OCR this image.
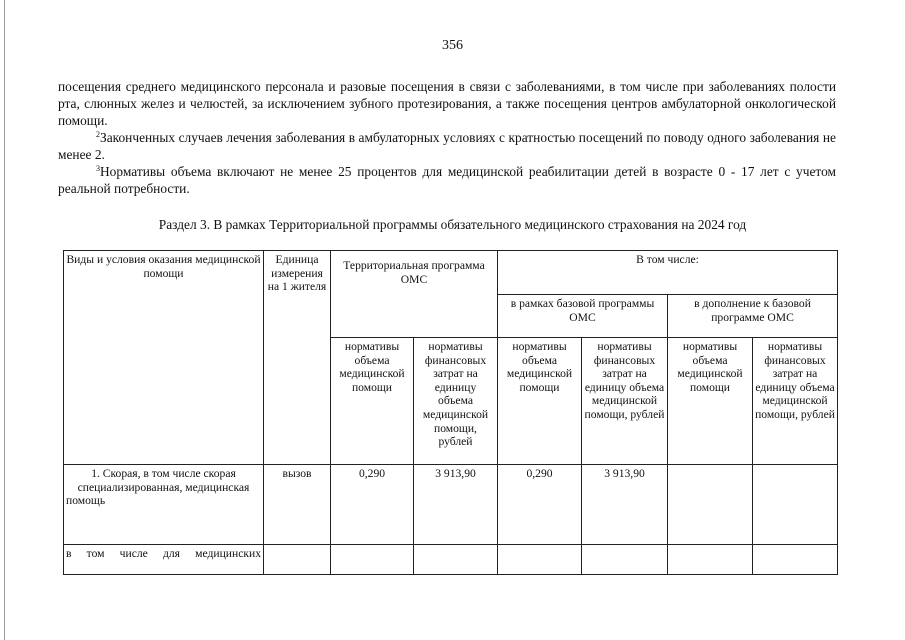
356

посещения среднего медицинского персонала и разовые посещения в связи с заболеваниями, в том числе при заболеваниях полости рта, слюнных желез и челюстей, за исключением зубного протезирования, а также посещения центров амбулаторной онкологической помощи.

$^2$Законченных случаев лечения заболевания в амбулаторных условиях с кратностью посещений по поводу одного заболевания не менее 2.

$^3$Нормативы объема включают не менее 25 процентов для медицинской реабилитации детей в возрасте 0 - 17 лет с учетом реальной потребности.

Раздел 3. В рамках Территориальной программы обязательного медицинского страхования на 2024 год
Виды и условия оказания медицинской помощи	Единица измерения на 1 жителя	Территориальная программа ОМС		В том числе:			
				в рамках базовой программы ОМС		в дополнение к базовой программе ОМС	
		нормативы объема медицинской помощи	нормативы финансовых затрат на единицу объема медицинской помощи, рублей	нормативы объема медицинской помощи	нормативы финансовых затрат на единицу объема медицинской помощи, рублей	нормативы объема медицинской помощи	нормативы финансовых затрат на единицу объема медицинской помощи, рублей
1. Скорая, в том числе скорая специализированная, медицинская помощь	вызов	0,290	3 913,90	0,290	3 913,90		
в том числе для медицинских							
